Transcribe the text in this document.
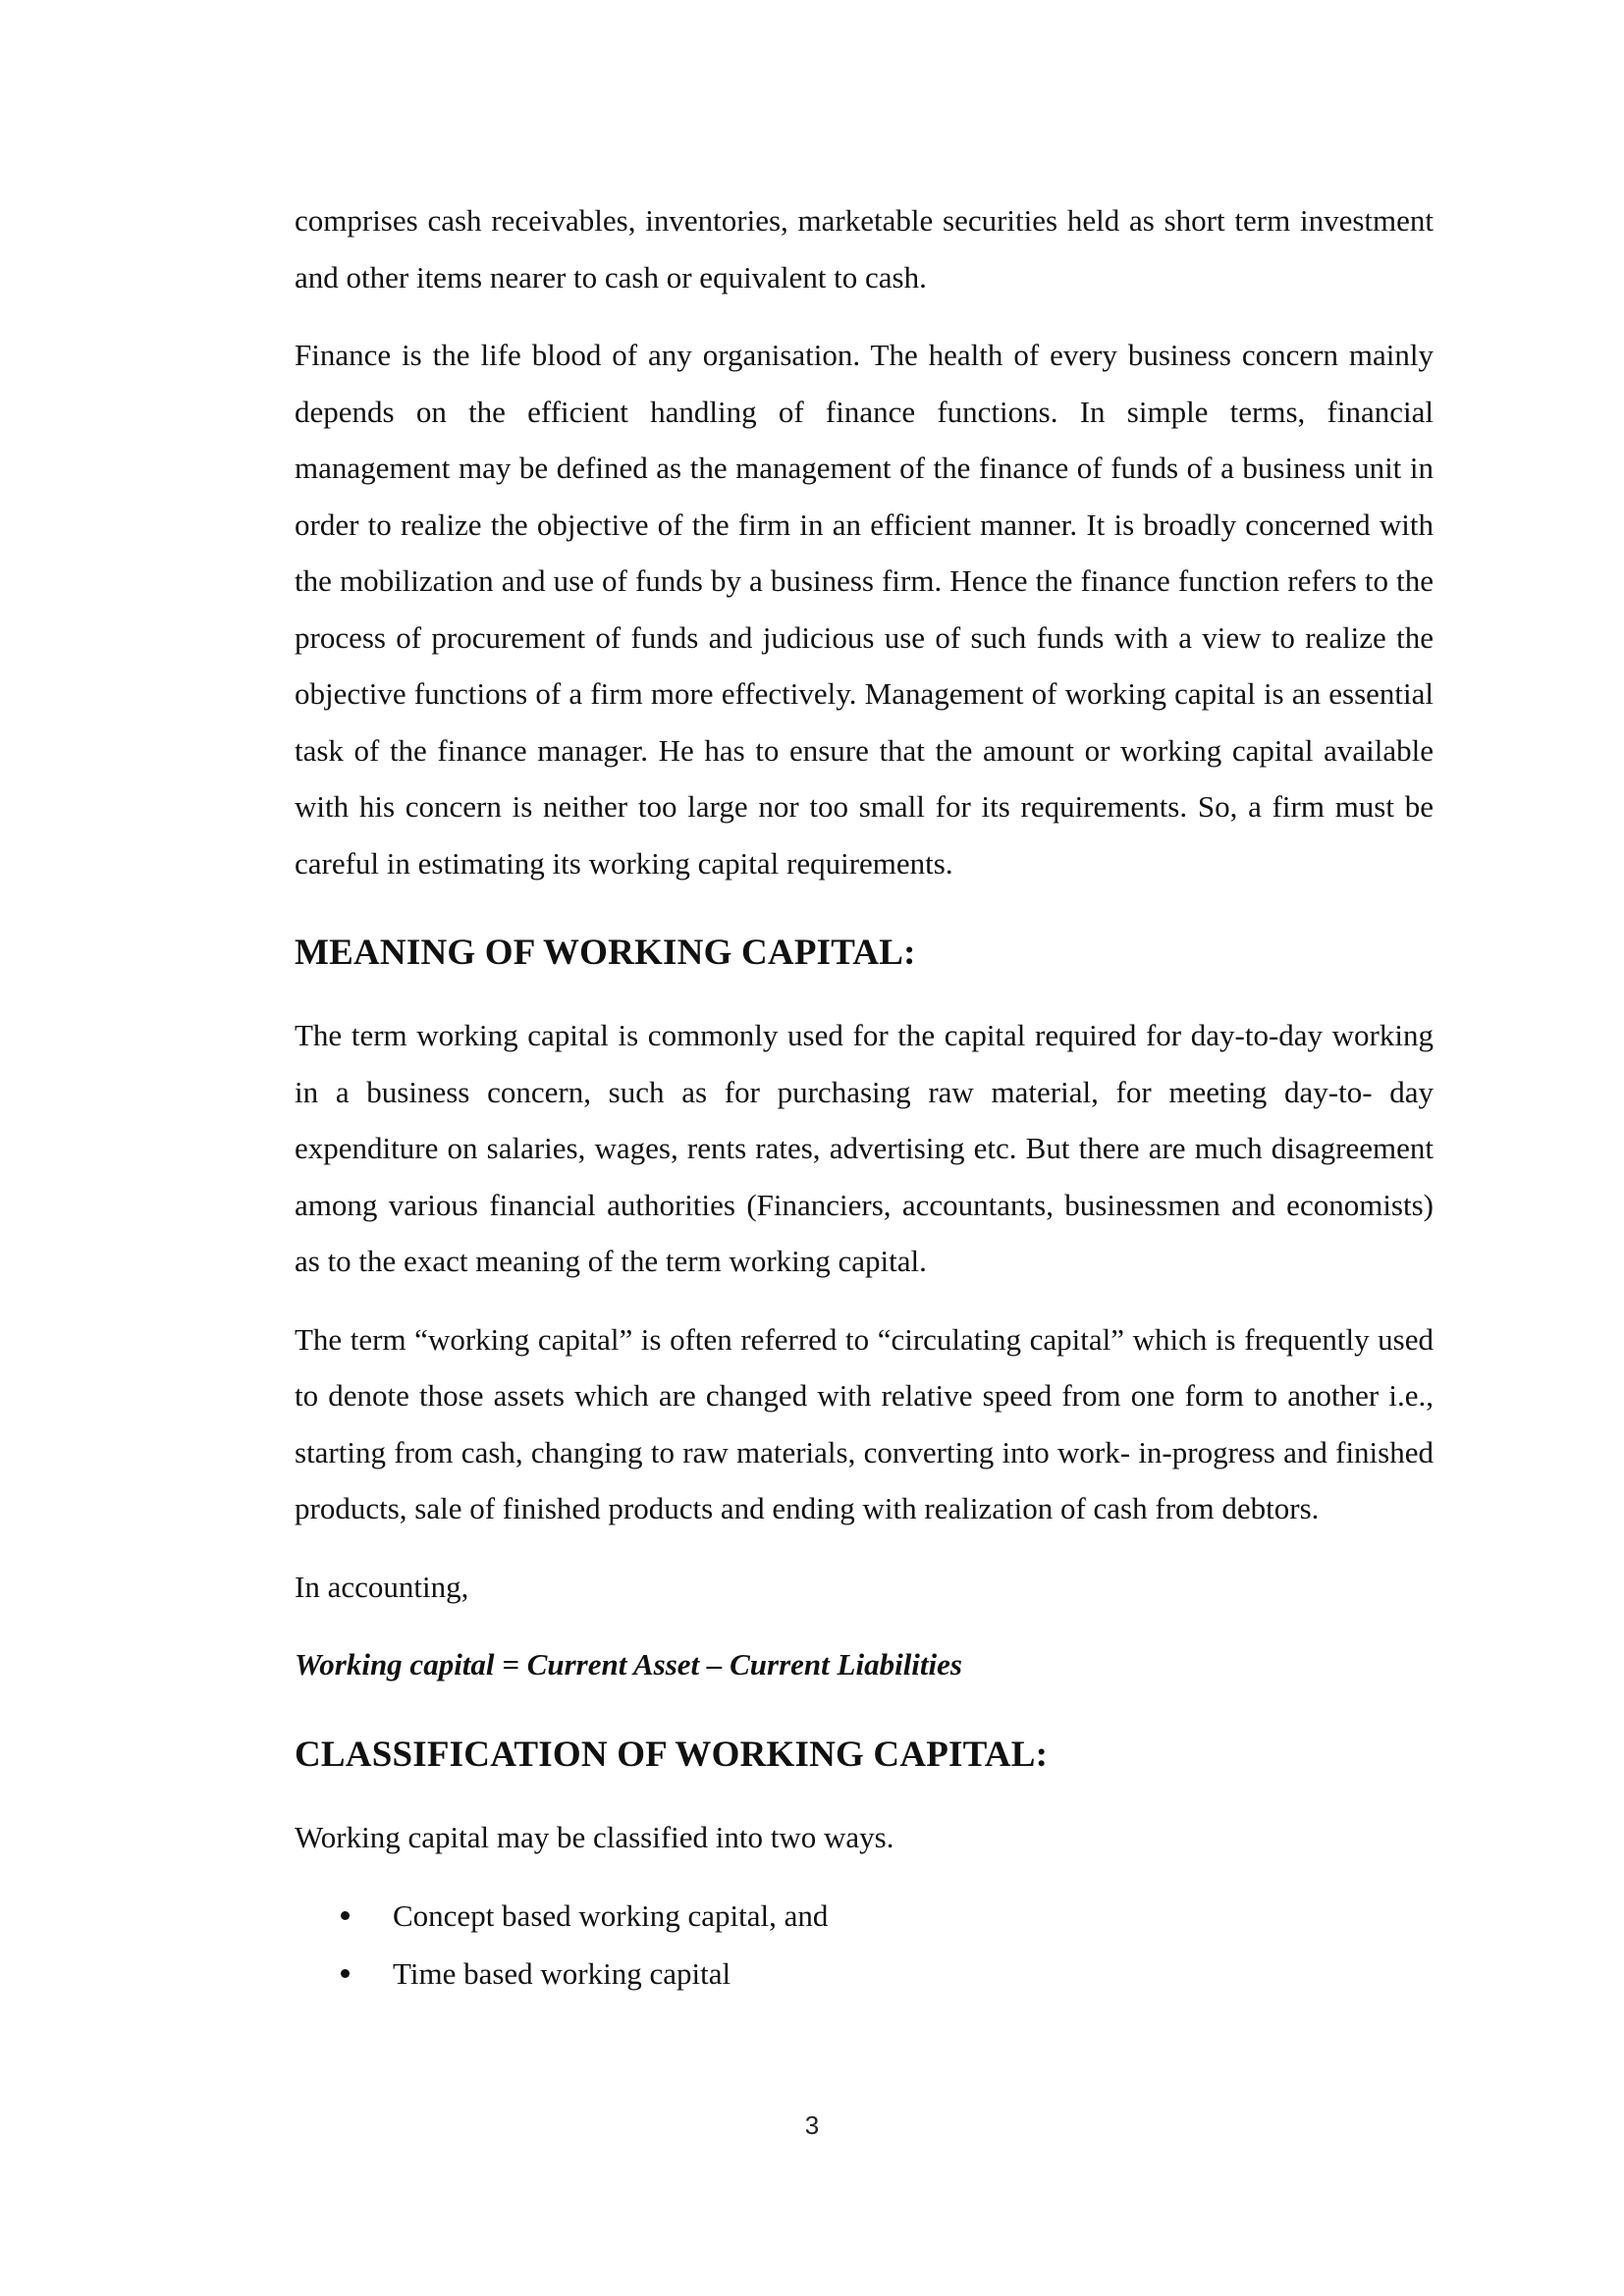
comprises cash receivables, inventories, marketable securities held as short term investment and other items nearer to cash or equivalent to cash.

Finance is the life blood of any organisation. The health of every business concern mainly depends on the efficient handling of finance functions. In simple terms, financial management may be defined as the management of the finance of funds of a business unit in order to realize the objective of the firm in an efficient manner. It is broadly concerned with the mobilization and use of funds by a business firm. Hence the finance function refers to the process of procurement of funds and judicious use of such funds with a view to realize the objective functions of a firm more effectively. Management of working capital is an essential task of the finance manager. He has to ensure that the amount or working capital available with his concern is neither too large nor too small for its requirements. So, a firm must be careful in estimating its working capital requirements.

MEANING OF WORKING CAPITAL:

The term working capital is commonly used for the capital required for day-to-day working in a business concern, such as for purchasing raw material, for meeting day-to- day expenditure on salaries, wages, rents rates, advertising etc. But there are much disagreement among various financial authorities (Financiers, accountants, businessmen and economists) as to the exact meaning of the term working capital.

The term “working capital” is often referred to “circulating capital” which is frequently used to denote those assets which are changed with relative speed from one form to another i.e., starting from cash, changing to raw materials, converting into work- in-progress and finished products, sale of finished products and ending with realization of cash from debtors.

In accounting,

Working capital = Current Asset – Current Liabilities

CLASSIFICATION OF WORKING CAPITAL:

Working capital may be classified into two ways.

Concept based working capital, and
Time based working capital
3
